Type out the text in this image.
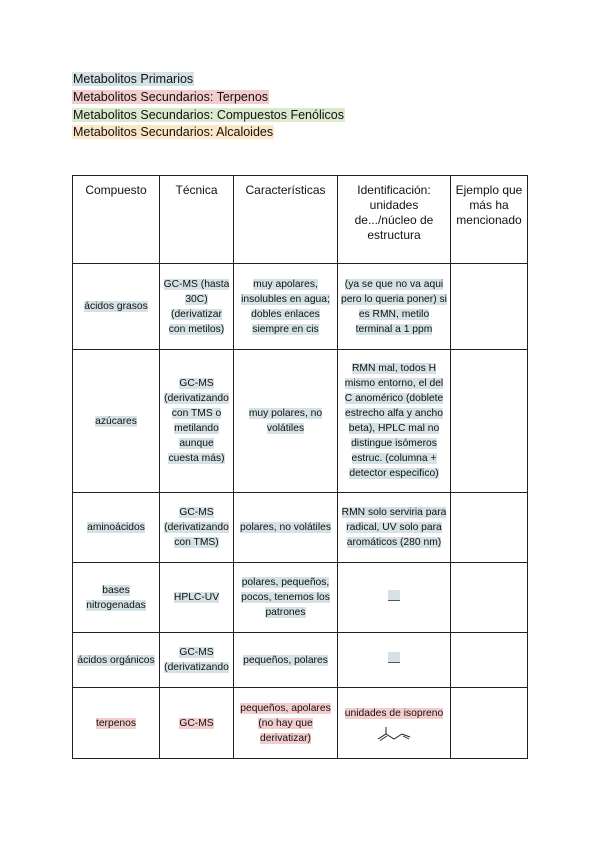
Metabolitos Primarios
Metabolitos Secundarios: Terpenos
Metabolitos Secundarios: Compuestos Fenólicos
Metabolitos Secundarios: Alcaloides
Compuesto	Técnica	Características	Identificación: unidades de.../núcleo de estructura	Ejemplo que más ha mencionado
ácidos grasos	GC-MS (hasta 30C) (derivatizar con metilos)	muy apolares, insolubles en agua; dobles enlaces siempre en cis	(ya se que no va aqui pero lo queria poner) si es RMN, metilo terminal a 1 ppm	
azúcares	GC-MS (derivatizando con TMS o metilando aunque cuesta más)	muy polares, no volátiles	RMN mal, todos H mismo entorno, el del C anomérico (doblete estrecho alfa y ancho beta), HPLC mal no distingue isómeros estruc. (columna + detector especifico)	
aminoácidos	GC-MS (derivatizando con TMS)	polares, no volátiles	RMN solo serviria para radical, UV solo para aromáticos (280 nm)	
bases nitrogenadas	HPLC-UV	polares, pequeños, pocos, tenemos los patrones		
ácidos orgánicos	GC-MS (derivatizando	pequeños, polares		
terpenos	GC-MS	pequeños, apolares (no hay que derivatizar)	unidades de isopreno
